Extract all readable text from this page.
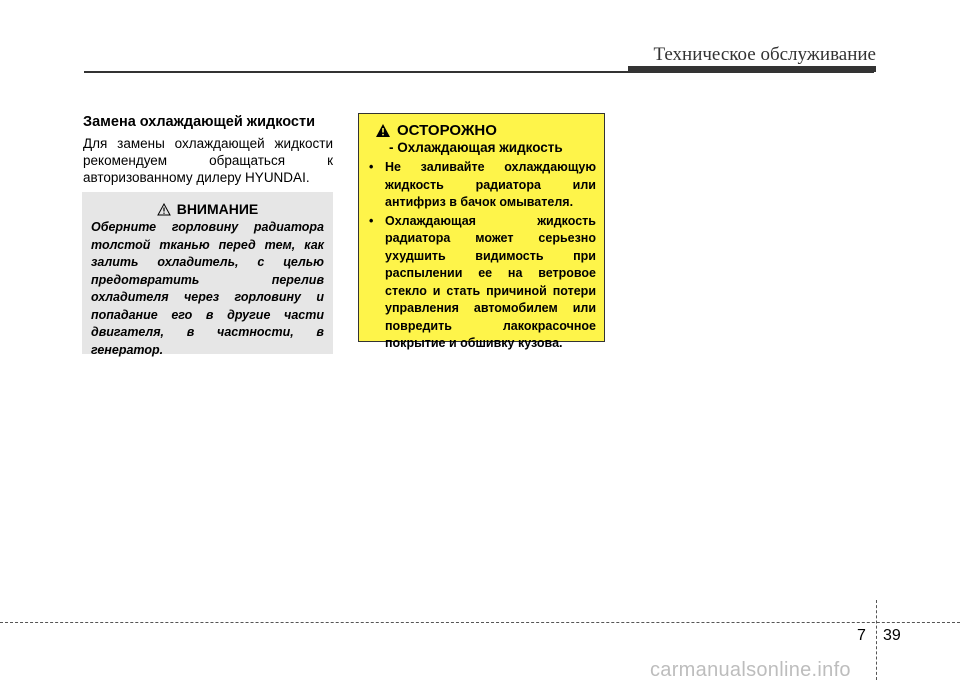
Техническое обслуживание
Замена охлаждающей жидкости
Для замены охлаждающей жидкости рекомендуем обращаться к авторизованному дилеру HYUNDAI.
ВНИМАНИЕ
Оберните горловину радиатора толстой тканью перед тем, как залить охладитель, с целью предотвратить перелив охладителя через горловину и попадание его в другие части двигателя, в частности, в генератор.
ОСТОРОЖНО
- Охлаждающая жидкость
• Не заливайте охлаждающую жидкость радиатора или антифриз в бачок омывателя.
• Охлаждающая жидкость радиатора может серьезно ухудшить видимость при распылении ее на ветровое стекло и стать причиной потери управления автомобилем или повредить лакокрасочное покрытие и обшивку кузова.
7 39
carmanualsonline.info
